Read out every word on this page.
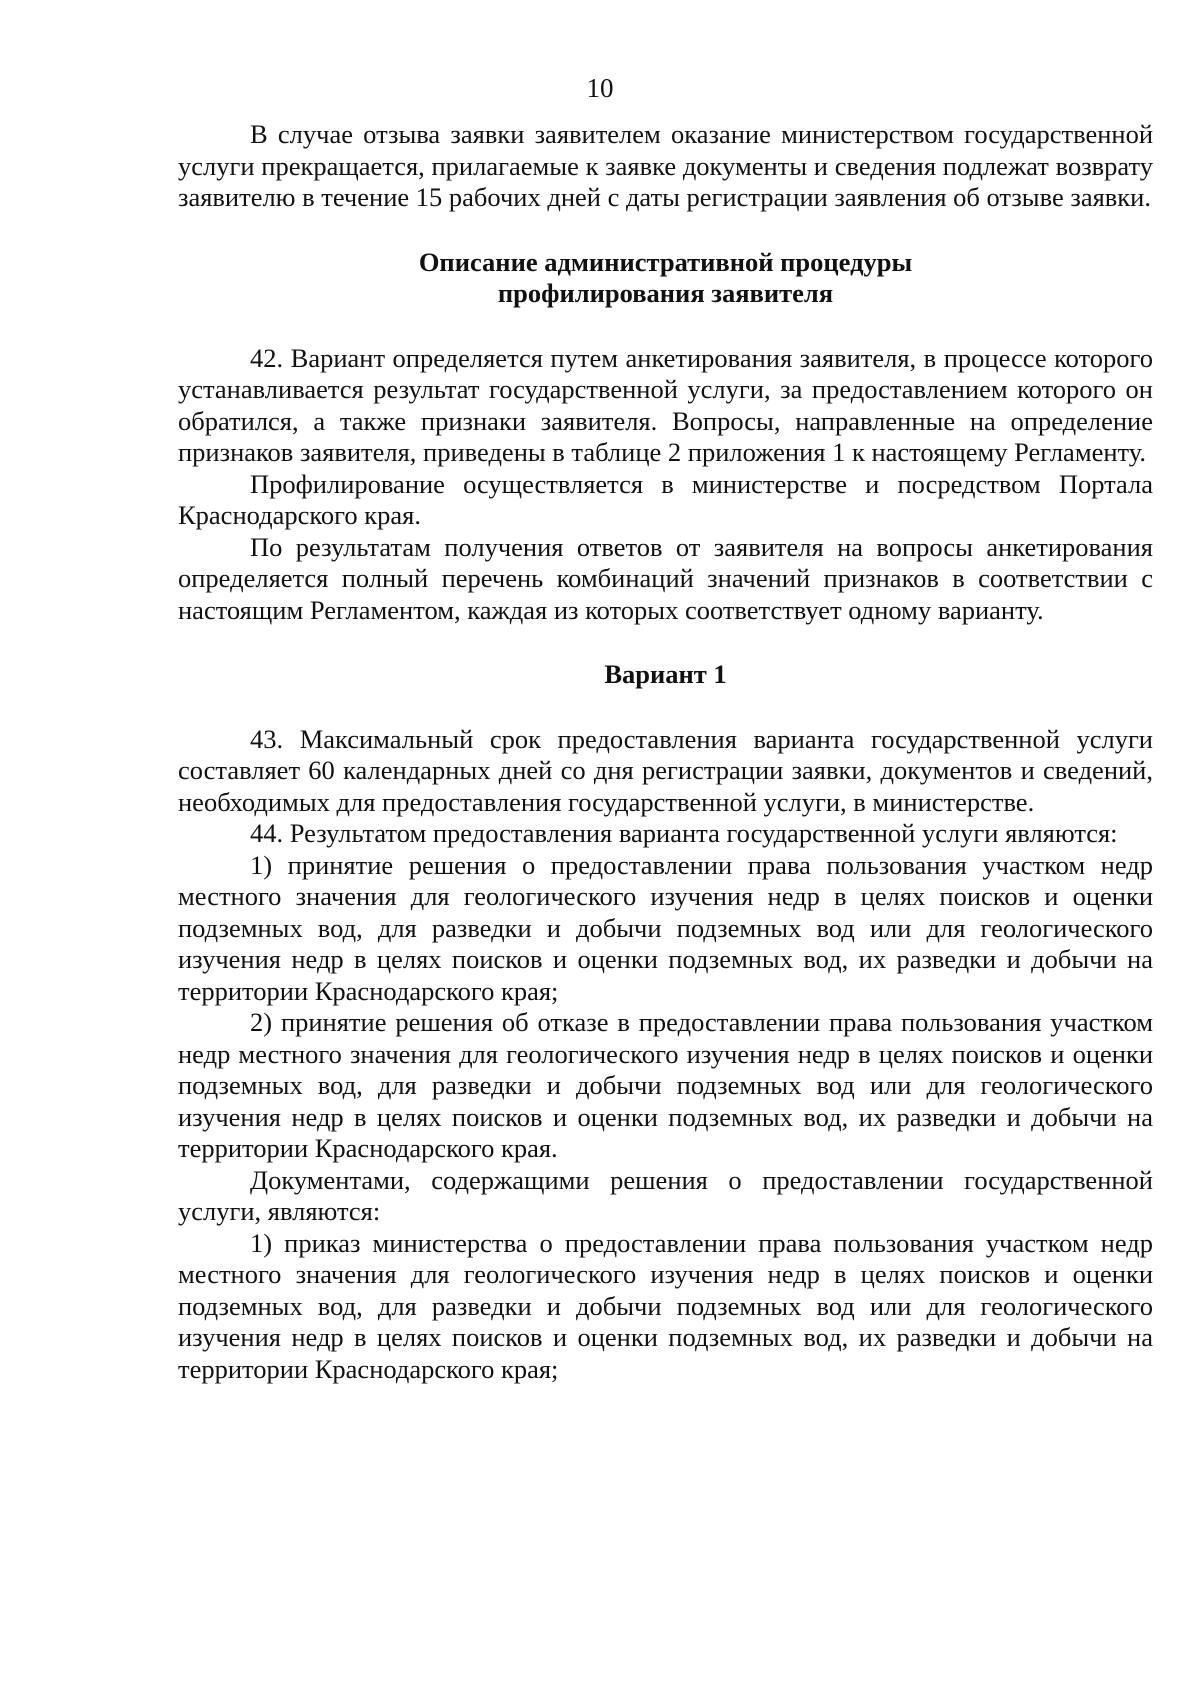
10

В случае отзыва заявки заявителем оказание министерством государственной услуги прекращается, прилагаемые к заявке документы и сведения подлежат возврату заявителю в течение 15 рабочих дней с даты регистрации заявления об отзыве заявки.

Описание административной процедуры
профилирования заявителя

42. Вариант определяется путем анкетирования заявителя, в процессе которого устанавливается результат государственной услуги, за предоставлением которого он обратился, а также признаки заявителя. Вопросы, направленные на определение признаков заявителя, приведены в таблице 2 приложения 1 к настоящему Регламенту.

Профилирование осуществляется в министерстве и посредством Портала Краснодарского края.

По результатам получения ответов от заявителя на вопросы анкетирования определяется полный перечень комбинаций значений признаков в соответствии с настоящим Регламентом, каждая из которых соответствует одному варианту.

Вариант 1

43. Максимальный срок предоставления варианта государственной услуги составляет 60 календарных дней со дня регистрации заявки, документов и сведений, необходимых для предоставления государственной услуги, в министерстве.

44. Результатом предоставления варианта государственной услуги являются:

1) принятие решения о предоставлении права пользования участком недр местного значения для геологического изучения недр в целях поисков и оценки подземных вод, для разведки и добычи подземных вод или для геологического изучения недр в целях поисков и оценки подземных вод, их разведки и добычи на территории Краснодарского края;

2) принятие решения об отказе в предоставлении права пользования участком недр местного значения для геологического изучения недр в целях поисков и оценки подземных вод, для разведки и добычи подземных вод или для геологического изучения недр в целях поисков и оценки подземных вод, их разведки и добычи на территории Краснодарского края.

Документами, содержащими решения о предоставлении государственной услуги, являются:

1) приказ министерства о предоставлении права пользования участком недр местного значения для геологического изучения недр в целях поисков и оценки подземных вод, для разведки и добычи подземных вод или для геологического изучения недр в целях поисков и оценки подземных вод, их разведки и добычи на территории Краснодарского края;
